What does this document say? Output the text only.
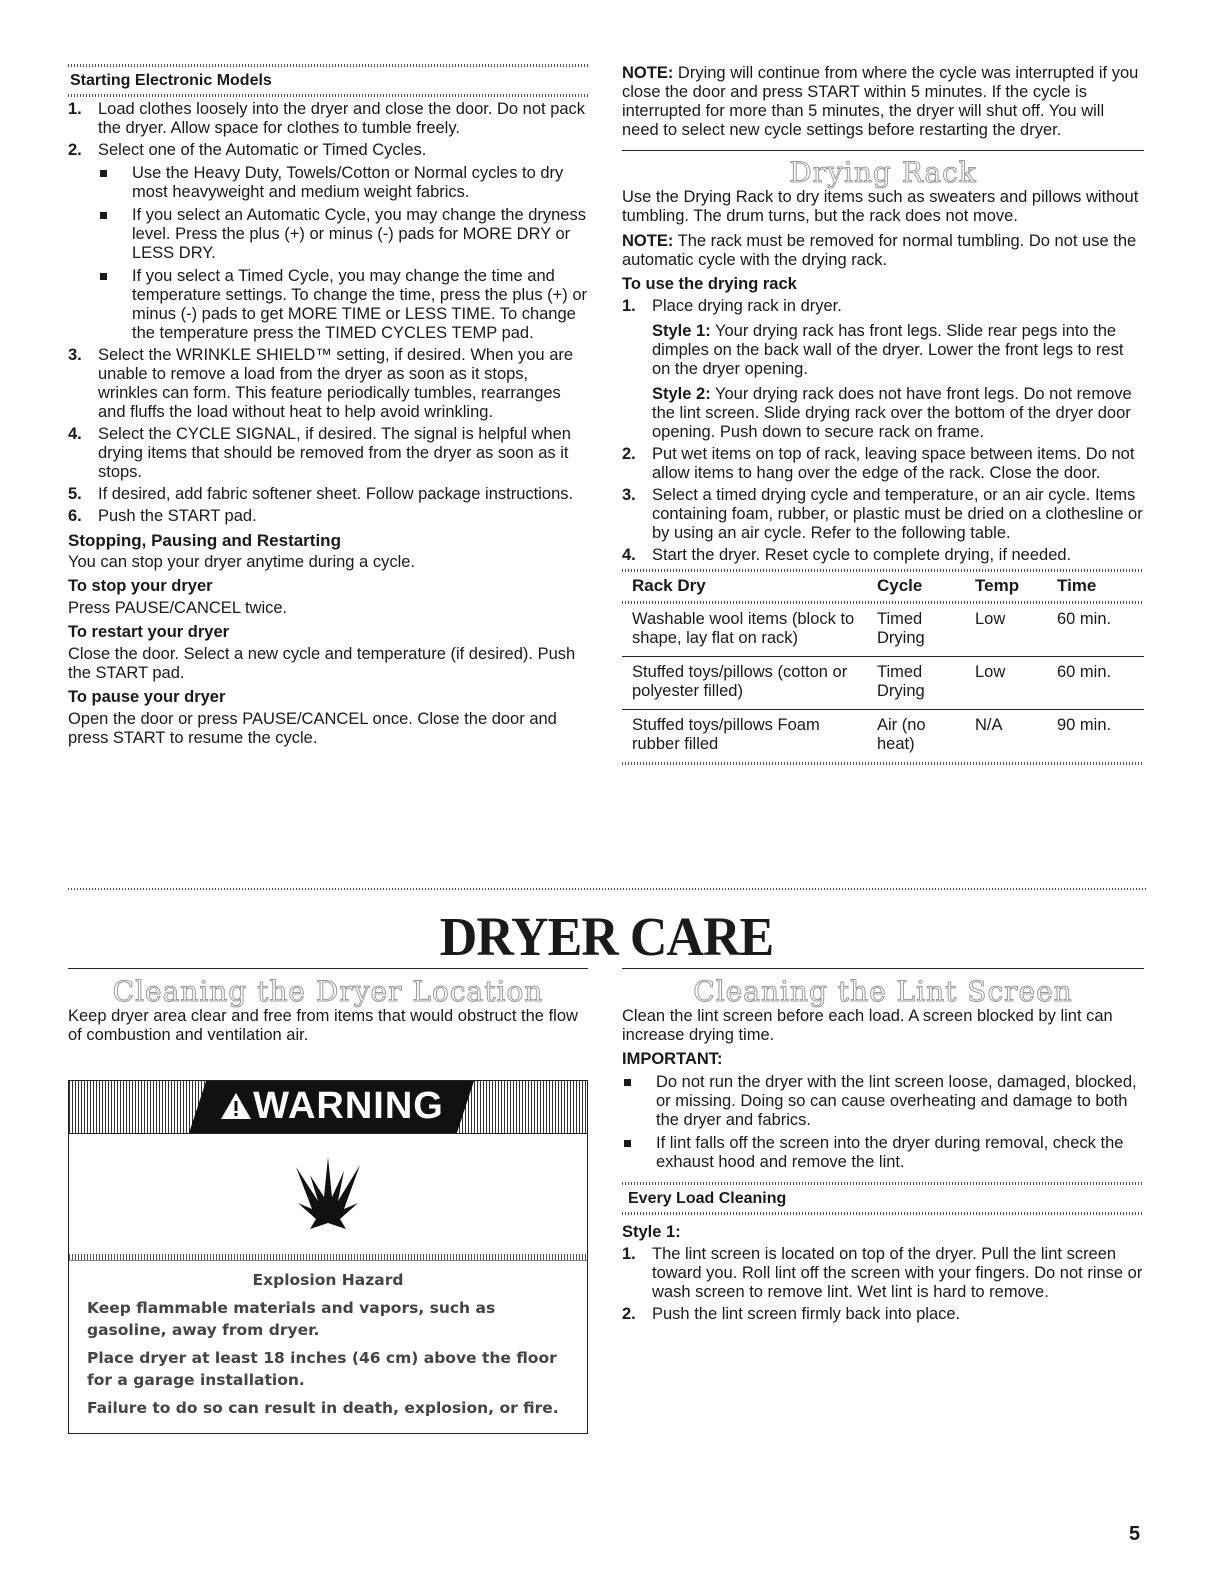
Starting Electronic Models
1. Load clothes loosely into the dryer and close the door. Do not pack the dryer. Allow space for clothes to tumble freely.
2. Select one of the Automatic or Timed Cycles.
Use the Heavy Duty, Towels/Cotton or Normal cycles to dry most heavyweight and medium weight fabrics.
If you select an Automatic Cycle, you may change the dryness level. Press the plus (+) or minus (-) pads for MORE DRY or LESS DRY.
If you select a Timed Cycle, you may change the time and temperature settings. To change the time, press the plus (+) or minus (-) pads to get MORE TIME or LESS TIME. To change the temperature press the TIMED CYCLES TEMP pad.
3. Select the WRINKLE SHIELD™ setting, if desired. When you are unable to remove a load from the dryer as soon as it stops, wrinkles can form. This feature periodically tumbles, rearranges and fluffs the load without heat to help avoid wrinkling.
4. Select the CYCLE SIGNAL, if desired. The signal is helpful when drying items that should be removed from the dryer as soon as it stops.
5. If desired, add fabric softener sheet. Follow package instructions.
6. Push the START pad.
Stopping, Pausing and Restarting

You can stop your dryer anytime during a cycle.

To stop your dryer

Press PAUSE/CANCEL twice.

To restart your dryer

Close the door. Select a new cycle and temperature (if desired). Push the START pad.

To pause your dryer

Open the door or press PAUSE/CANCEL once. Close the door and press START to resume the cycle.

NOTE: Drying will continue from where the cycle was interrupted if you close the door and press START within 5 minutes. If the cycle is interrupted for more than 5 minutes, the dryer will shut off. You will need to select new cycle settings before restarting the dryer.

Drying Rack

Use the Drying Rack to dry items such as sweaters and pillows without tumbling. The drum turns, but the rack does not move.

NOTE: The rack must be removed for normal tumbling. Do not use the automatic cycle with the drying rack.

To use the drying rack
1. Place drying rack in dryer.

Style 1: Your drying rack has front legs. Slide rear pegs into the dimples on the back wall of the dryer. Lower the front legs to rest on the dryer opening.

Style 2: Your drying rack does not have front legs. Do not remove the lint screen. Slide drying rack over the bottom of the dryer door opening. Push down to secure rack on frame.

2. Put wet items on top of rack, leaving space between items. Do not allow items to hang over the edge of the rack. Close the door.
3. Select a timed drying cycle and temperature, or an air cycle. Items containing foam, rubber, or plastic must be dried on a clothesline or by using an air cycle. Refer to the following table.
4. Start the dryer. Reset cycle to complete drying, if needed.
Rack Dry	Cycle	Temp	Time

Washable wool items (block to shape, lay flat on rack)	Timed Drying	Low	60 min.
Stuffed toys/pillows (cotton or polyester filled)	Timed Drying	Low	60 min.
Stuffed toys/pillows Foam rubber filled	Air (no heat)	N/A	90 min.
DRYER CARE
Cleaning the Dryer Location

Keep dryer area clear and free from items that would obstruct the flow of combustion and ventilation air.

WARNING

Explosion Hazard

Keep flammable materials and vapors, such as gasoline, away from dryer.

Place dryer at least 18 inches (46 cm) above the floor for a garage installation.

Failure to do so can result in death, explosion, or fire.

Cleaning the Lint Screen

Clean the lint screen before each load. A screen blocked by lint can increase drying time.

IMPORTANT:
Do not run the dryer with the lint screen loose, damaged, blocked, or missing. Doing so can cause overheating and damage to both the dryer and fabrics.
If lint falls off the screen into the dryer during removal, check the exhaust hood and remove the lint.
Every Load Cleaning
Style 1:
1. The lint screen is located on top of the dryer. Pull the lint screen toward you. Roll lint off the screen with your fingers. Do not rinse or wash screen to remove lint. Wet lint is hard to remove.
2. Push the lint screen firmly back into place.
5
